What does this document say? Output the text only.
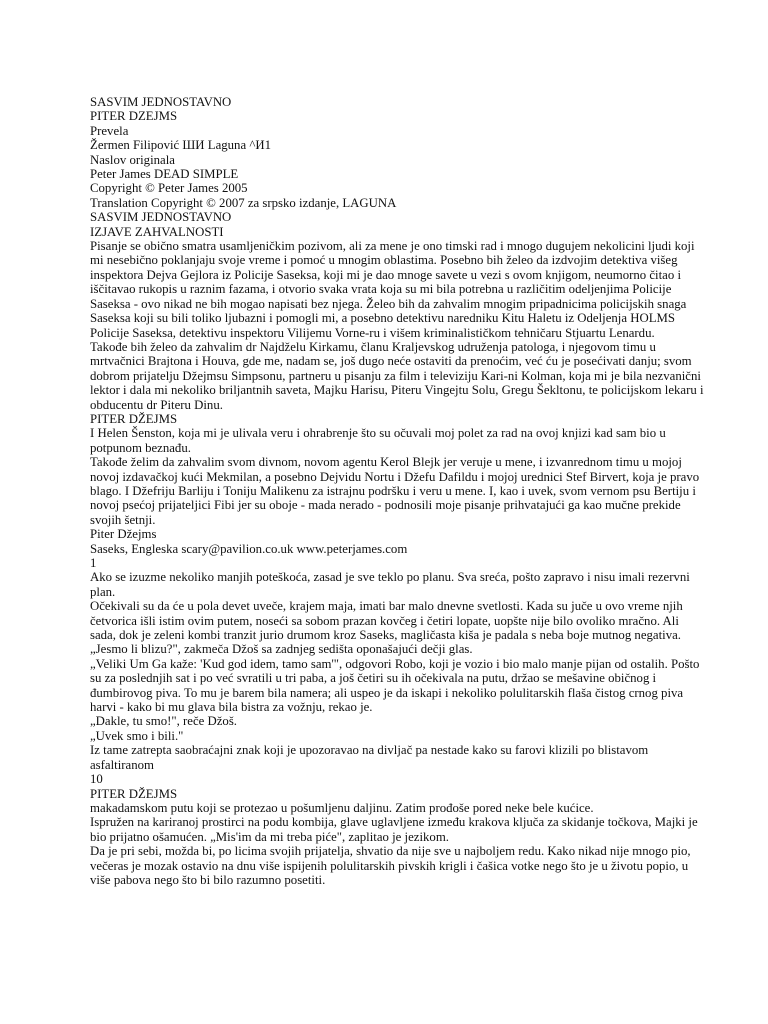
SASVIM JEDNOSTAVNO
PITER DZEJMS
Prevela
Žermen Filipović ШИ Laguna ^И1
Naslov originala
Peter James DEAD SIMPLE
Copyright © Peter James 2005
Translation Copyright © 2007 za srpsko izdanje, LAGUNA
SASVIM JEDNOSTAVNO
IZJAVE ZAHVALNOSTI

Pisanje se obično smatra usamljeničkim pozivom, ali za mene je ono timski rad i mnogo dugujem nekolicini ljudi koji mi nesebično poklanjaju svoje vreme i pomoć u mnogim oblastima. Posebno bih želeo da izdvojim detektiva višeg inspektora Dejva Gejlora iz Policije Saseksa, koji mi je dao mnoge savete u vezi s ovom knjigom, neumorno čitao i iščitavao rukopis u raznim fazama, i otvorio svaka vrata koja su mi bila potrebna u različitim odeljenjima Policije Saseksa - ovo nikad ne bih mogao napisati bez njega. Želeo bih da zahvalim mnogim pripadnicima policijskih snaga Saseksa koji su bili toliko ljubazni i pomogli mi, a posebno detektivu naredniku Kitu Haletu iz Odeljenja HOLMS Policije Saseksa, detektivu inspektoru Vilijemu Vorne-ru i višem kriminalističkom tehničaru Stjuartu Lenardu.

Takođe bih želeo da zahvalim dr Najdželu Kirkamu, članu Kraljevskog udruženja patologa, i njegovom timu u mrtvačnici Brajtona i Houva, gde me, nadam se, još dugo neće ostaviti da prenoćim, već ću je posećivati danju; svom dobrom prijatelju Džejmsu Simpsonu, partneru u pisanju za film i televiziju Kari-ni Kolman, koja mi je bila nezvanični lektor i dala mi nekoliko briljantnih saveta, Majku Harisu, Piteru Vingejtu Solu, Gregu Šekltonu, te policijskom lekaru i obducentu dr Piteru Dinu.

PITER DŽEJMS

I Helen Šenston, koja mi je ulivala veru i ohrabrenje što su očuvali moj polet za rad na ovoj knjizi kad sam bio u potpunom beznađu.

Takođe želim da zahvalim svom divnom, novom agentu Kerol Blejk jer veruje u mene, i izvanrednom timu u mojoj novoj izdavačkoj kući Mekmilan, a posebno Dejvidu Nortu i Džefu Dafildu i mojoj urednici Stef Birvert, koja je pravo blago. I Džefriju Barliju i Toniju Malikenu za istrajnu podršku i veru u mene. I, kao i uvek, svom vernom psu Bertiju i novoj psećoj prijateljici Fibi jer su oboje - mada nerado - podnosili moje pisanje prihvatajući ga kao mučne prekide svojih šetnji.

Piter Džejms
Saseks, Engleska scary@pavilion.co.uk www.peterjames.com
1

Ako se izuzme nekoliko manjih poteškoća, zasad je sve teklo po planu. Sva sreća, pošto zapravo i nisu imali rezervni plan.

Očekivali su da će u pola devet uveče, krajem maja, imati bar malo dnevne svetlosti. Kada su juče u ovo vreme njih četvorica išli istim ovim putem, noseći sa sobom prazan kovčeg i četiri lopate, uopšte nije bilo ovoliko mračno. Ali sada, dok je zeleni kombi tranzit jurio drumom kroz Saseks, magličasta kiša je padala s neba boje mutnog negativa.

„Jesmo li blizu?", zakmeča Džoš sa zadnjeg sedišta oponašajući dečji glas.

„Veliki Um Ga kaže: 'Kud god idem, tamo sam'", odgovori Robo, koji je vozio i bio malo manje pijan od ostalih. Pošto su za poslednjih sat i po već svratili u tri paba, a još četiri su ih očekivala na putu, držao se mešavine običnog i đumbirovog piva. To mu je barem bila namera; ali uspeo je da iskapi i nekoliko polulitarskih flaša čistog crnog piva harvi - kako bi mu glava bila bistra za vožnju, rekao je.

„Dakle, tu smo!", reče Džoš.

„Uvek smo i bili."

Iz tame zatrepta saobraćajni znak koji je upozoravao na divljač pa nestade kako su farovi klizili po blistavom asfaltiranom

10
PITER DŽEJMS

makadamskom putu koji se protezao u pošumljenu daljinu. Zatim prođoše pored neke bele kućice.

Ispružen na kariranoj prostirci na podu kombija, glave uglavljene između krakova ključa za skidanje točkova, Majki je bio prijatno ošamućen. „Mis'im da mi treba piće", zaplitao je jezikom.

Da je pri sebi, možda bi, po licima svojih prijatelja, shvatio da nije sve u najboljem redu. Kako nikad nije mnogo pio, večeras je mozak ostavio na dnu više ispijenih polulitarskih pivskih krigli i čašica votke nego što je u životu popio, u više pabova nego što bi bilo razumno posetiti.
